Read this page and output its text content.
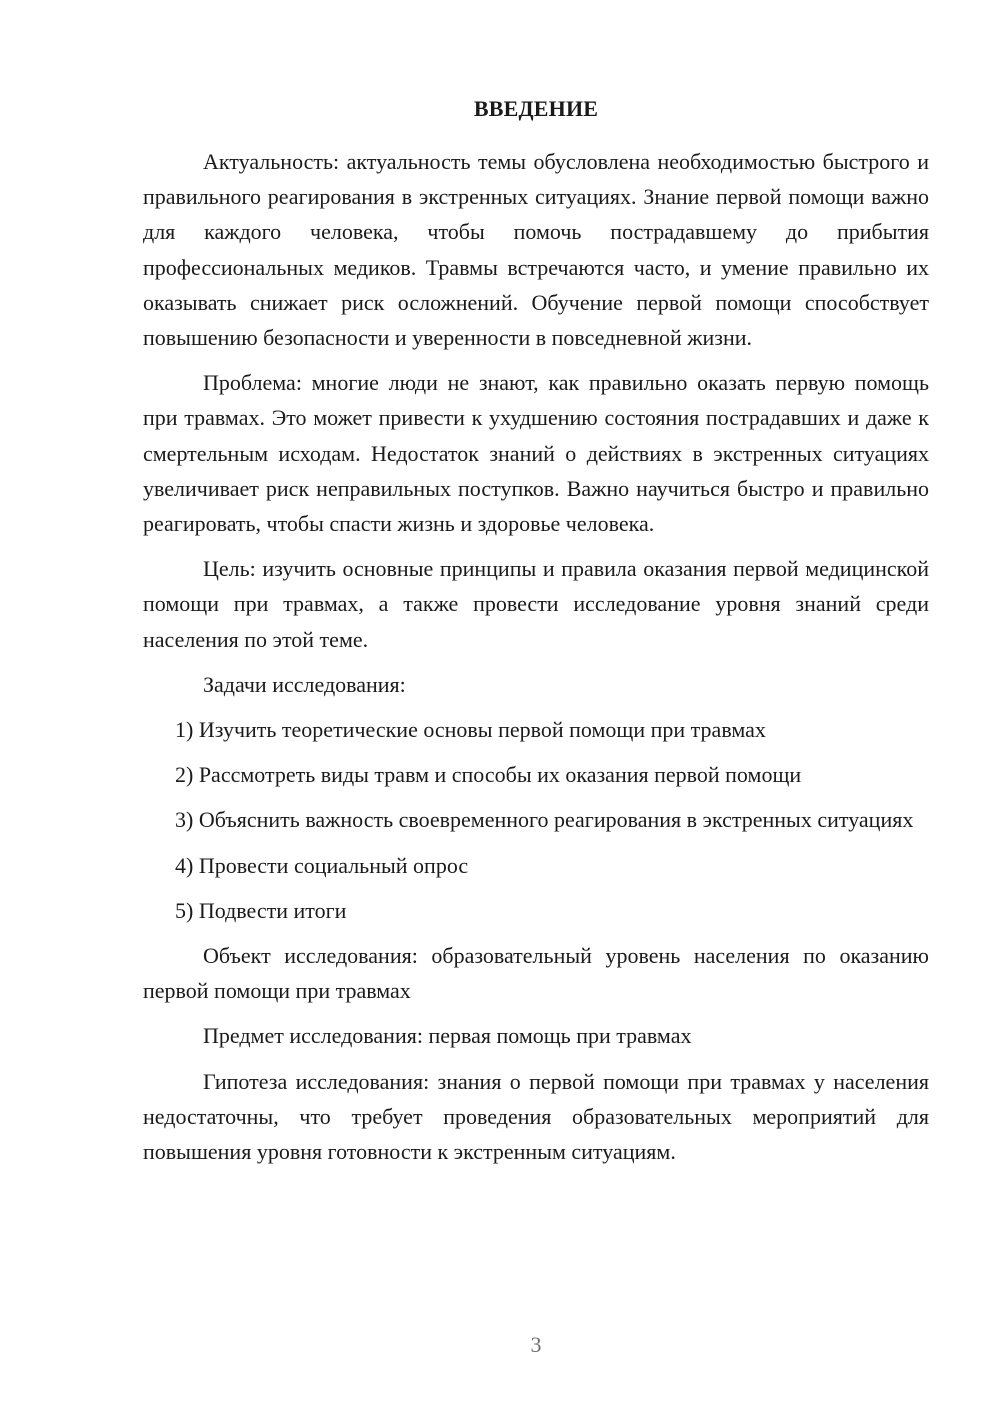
ВВЕДЕНИЕ

Актуальность: актуальность темы обусловлена необходимостью быстрого и правильного реагирования в экстренных ситуациях. Знание первой помощи важно для каждого человека, чтобы помочь пострадавшему до прибытия профессиональных медиков. Травмы встречаются часто, и умение правильно их оказывать снижает риск осложнений. Обучение первой помощи способствует повышению безопасности и уверенности в повседневной жизни.

Проблема: многие люди не знают, как правильно оказать первую помощь при травмах. Это может привести к ухудшению состояния пострадавших и даже к смертельным исходам. Недостаток знаний о действиях в экстренных ситуациях увеличивает риск неправильных поступков. Важно научиться быстро и правильно реагировать, чтобы спасти жизнь и здоровье человека.

Цель: изучить основные принципы и правила оказания первой медицинской помощи при травмах, а также провести исследование уровня знаний среди населения по этой теме.

Задачи исследования:

1) Изучить теоретические основы первой помощи при травмах

2) Рассмотреть виды травм и способы их оказания первой помощи

3) Объяснить важность своевременного реагирования в экстренных ситуациях

4) Провести социальный опрос

5) Подвести итоги

Объект исследования: образовательный уровень населения по оказанию первой помощи при травмах

Предмет исследования: первая помощь при травмах

Гипотеза исследования: знания о первой помощи при травмах у населения недостаточны, что требует проведения образовательных мероприятий для повышения уровня готовности к экстренным ситуациям.

3
